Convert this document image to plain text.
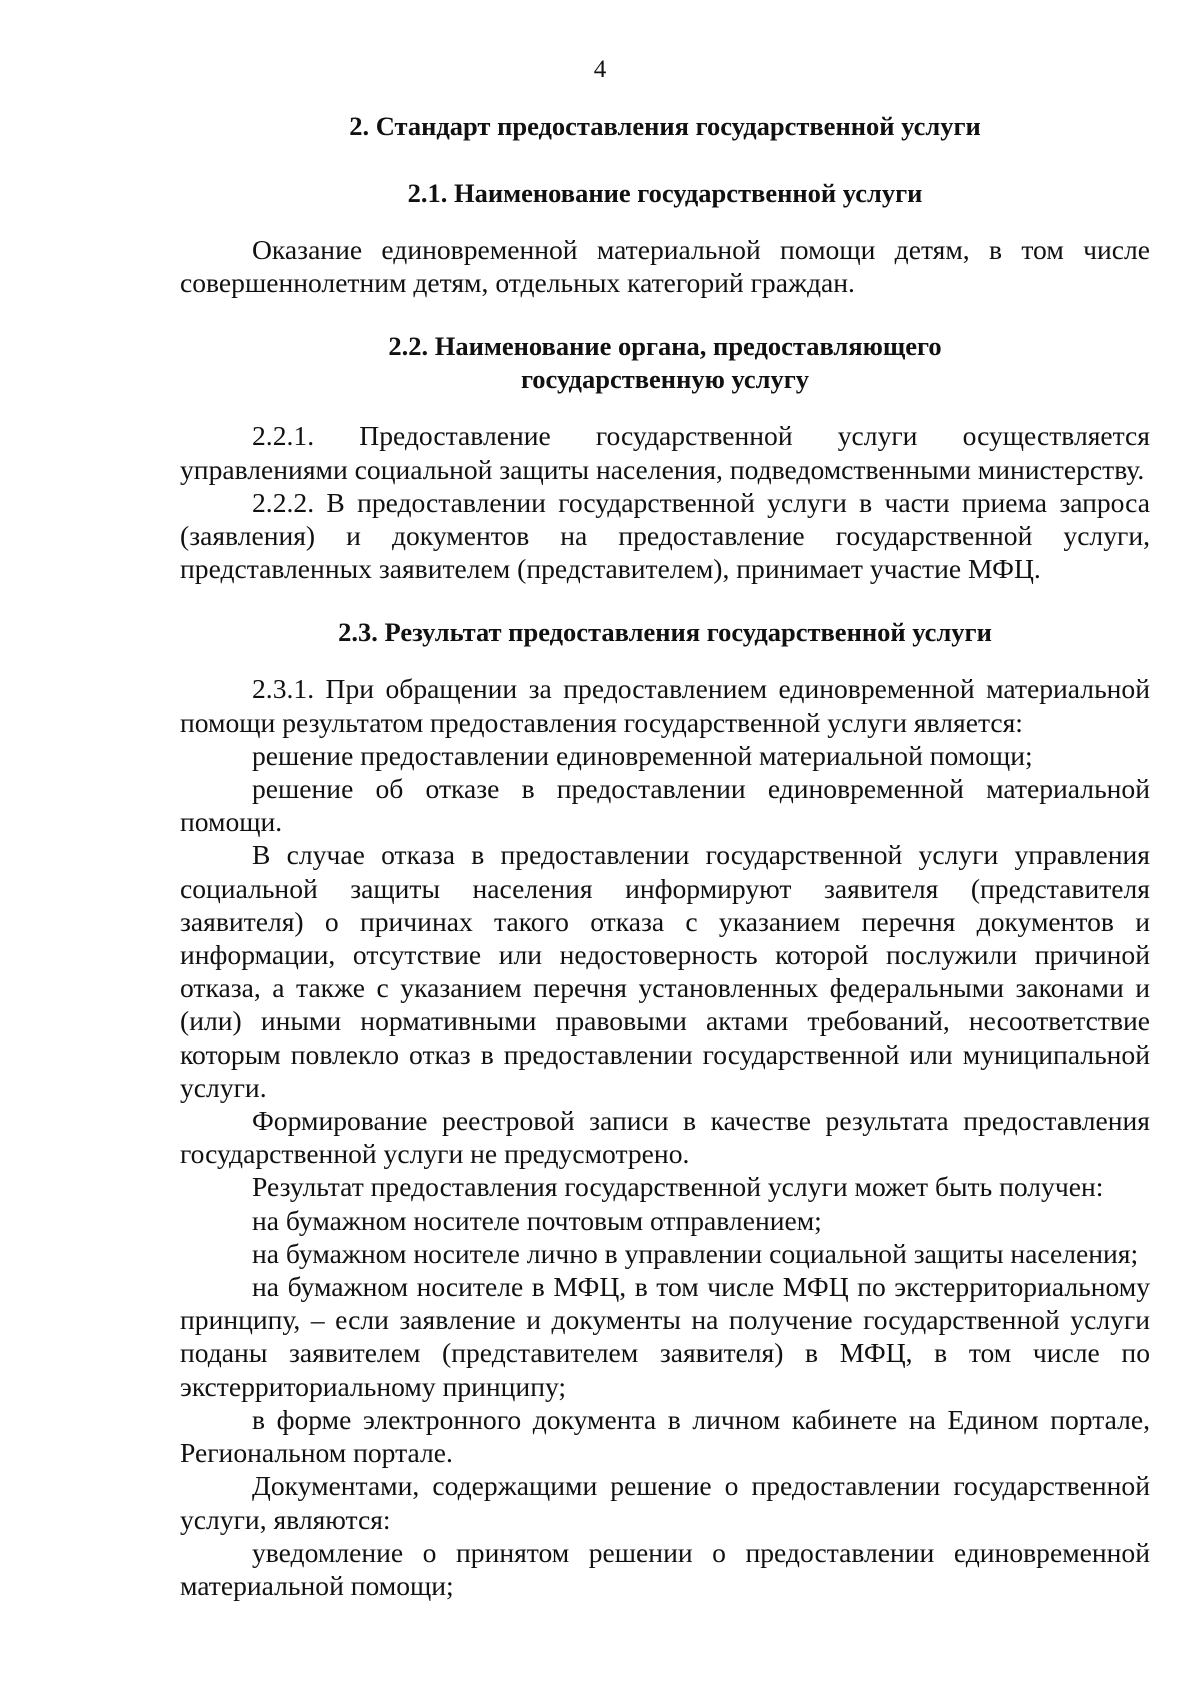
4
2. Стандарт предоставления государственной услуги
2.1. Наименование государственной услуги

Оказание единовременной материальной помощи детям, в том числе совершеннолетним детям, отдельных категорий граждан.

2.2. Наименование органа, предоставляющего
государственную услугу

2.2.1. Предоставление государственной услуги осуществляется управлениями социальной защиты населения, подведомственными министерству.

2.2.2. В предоставлении государственной услуги в части приема запроса (заявления) и документов на предоставление государственной услуги, представленных заявителем (представителем), принимает участие МФЦ.

2.3. Результат предоставления государственной услуги

2.3.1. При обращении за предоставлением единовременной материальной помощи результатом предоставления государственной услуги является:

решение предоставлении единовременной материальной помощи;

решение об отказе в предоставлении единовременной материальной помощи.

В случае отказа в предоставлении государственной услуги управления социальной защиты населения информируют заявителя (представителя заявителя) о причинах такого отказа с указанием перечня документов и информации, отсутствие или недостоверность которой послужили причиной отказа, а также с указанием перечня установленных федеральными законами и (или) иными нормативными правовыми актами требований, несоответствие которым повлекло отказ в предоставлении государственной или муниципальной услуги.

Формирование реестровой записи в качестве результата предоставления государственной услуги не предусмотрено.

Результат предоставления государственной услуги может быть получен:

на бумажном носителе почтовым отправлением;

на бумажном носителе лично в управлении социальной защиты населения;

на бумажном носителе в МФЦ, в том числе МФЦ по экстерриториальному принципу, – если заявление и документы на получение государственной услуги поданы заявителем (представителем заявителя) в МФЦ, в том числе по экстерриториальному принципу;

в форме электронного документа в личном кабинете на Едином портале, Региональном портале.

Документами, содержащими решение о предоставлении государственной услуги, являются:

уведомление о принятом решении о предоставлении единовременной материальной помощи;
